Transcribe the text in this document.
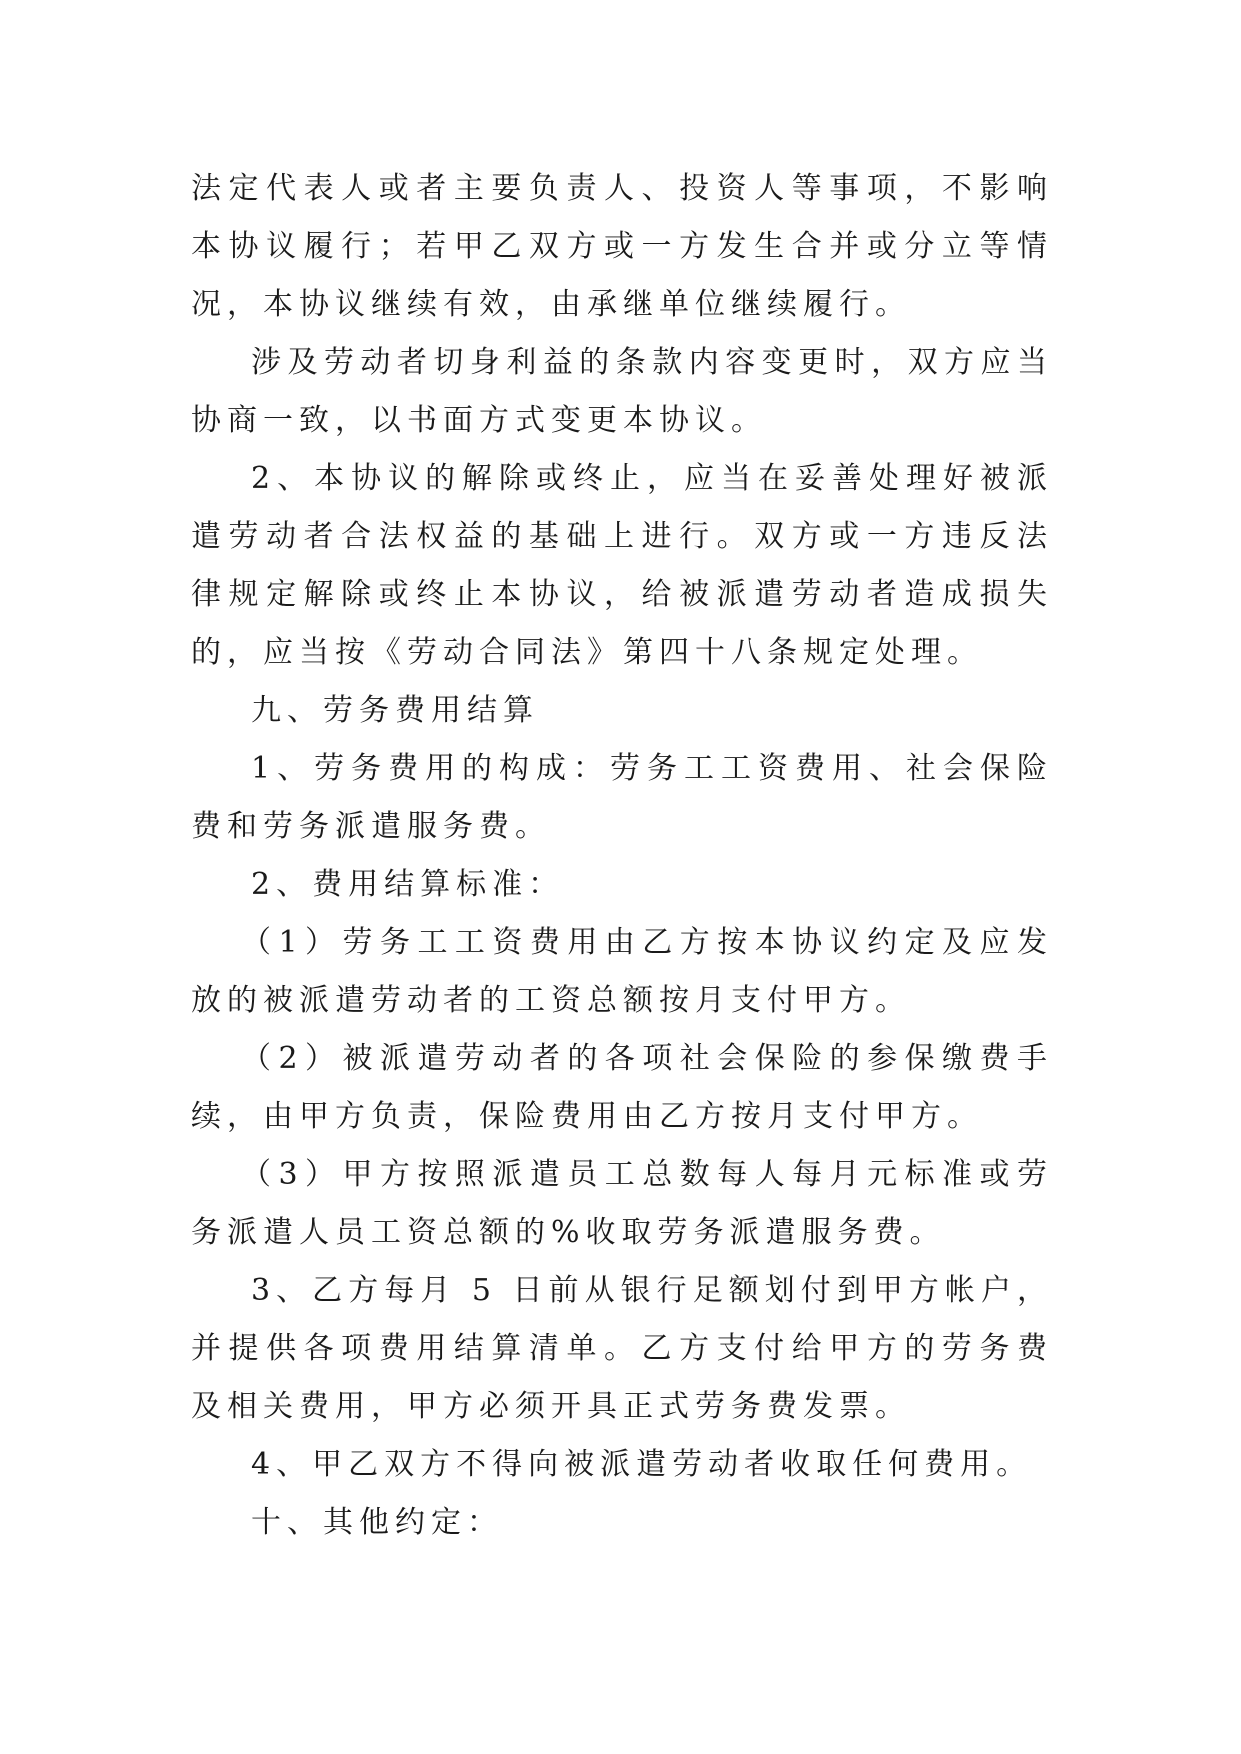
法定代表人或者主要负责人、投资人等事项，不影响本协议履行；若甲乙双方或一方发生合并或分立等情况，本协议继续有效，由承继单位继续履行。

涉及劳动者切身利益的条款内容变更时，双方应当协商一致，以书面方式变更本协议。

2、本协议的解除或终止，应当在妥善处理好被派遣劳动者合法权益的基础上进行。双方或一方违反法律规定解除或终止本协议，给被派遣劳动者造成损失的，应当按《劳动合同法》第四十八条规定处理。

九、劳务费用结算

1、劳务费用的构成：劳务工工资费用、社会保险费和劳务派遣服务费。

2、费用结算标准：

（1）劳务工工资费用由乙方按本协议约定及应发放的被派遣劳动者的工资总额按月支付甲方。

（2）被派遣劳动者的各项社会保险的参保缴费手续，由甲方负责，保险费用由乙方按月支付甲方。

（3）甲方按照派遣员工总数每人每月元标准或劳务派遣人员工资总额的%收取劳务派遣服务费。

3、乙方每月 5 日前从银行足额划付到甲方帐户，并提供各项费用结算清单。乙方支付给甲方的劳务费及相关费用，甲方必须开具正式劳务费发票。

4、甲乙双方不得向被派遣劳动者收取任何费用。

十、其他约定：
